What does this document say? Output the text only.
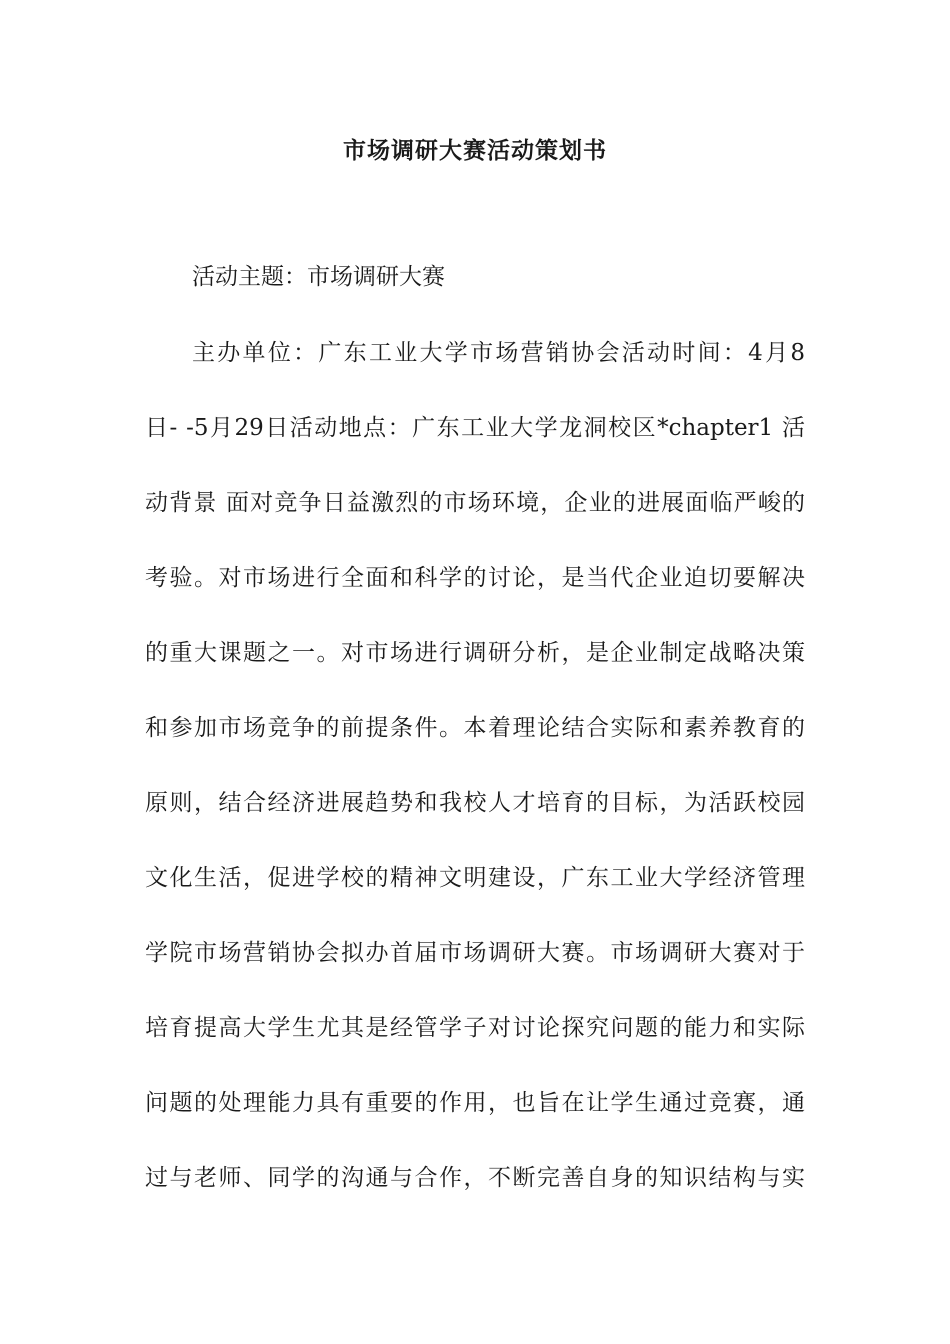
市场调研大赛活动策划书
活动主题：市场调研大赛
主办单位：广东工业大学市场营销协会活动时间：4月8
日- -5月29日活动地点：广东工业大学龙洞校区*chapter1 活
动背景 面对竞争日益激烈的市场环境，企业的进展面临严峻的
考验。对市场进行全面和科学的讨论，是当代企业迫切要解决
的重大课题之一。对市场进行调研分析，是企业制定战略决策
和参加市场竞争的前提条件。本着理论结合实际和素养教育的
原则，结合经济进展趋势和我校人才培育的目标，为活跃校园
文化生活，促进学校的精神文明建设，广东工业大学经济管理
学院市场营销协会拟办首届市场调研大赛。市场调研大赛对于
培育提高大学生尤其是经管学子对讨论探究问题的能力和实际
问题的处理能力具有重要的作用，也旨在让学生通过竞赛，通
过与老师、同学的沟通与合作，不断完善自身的知识结构与实
